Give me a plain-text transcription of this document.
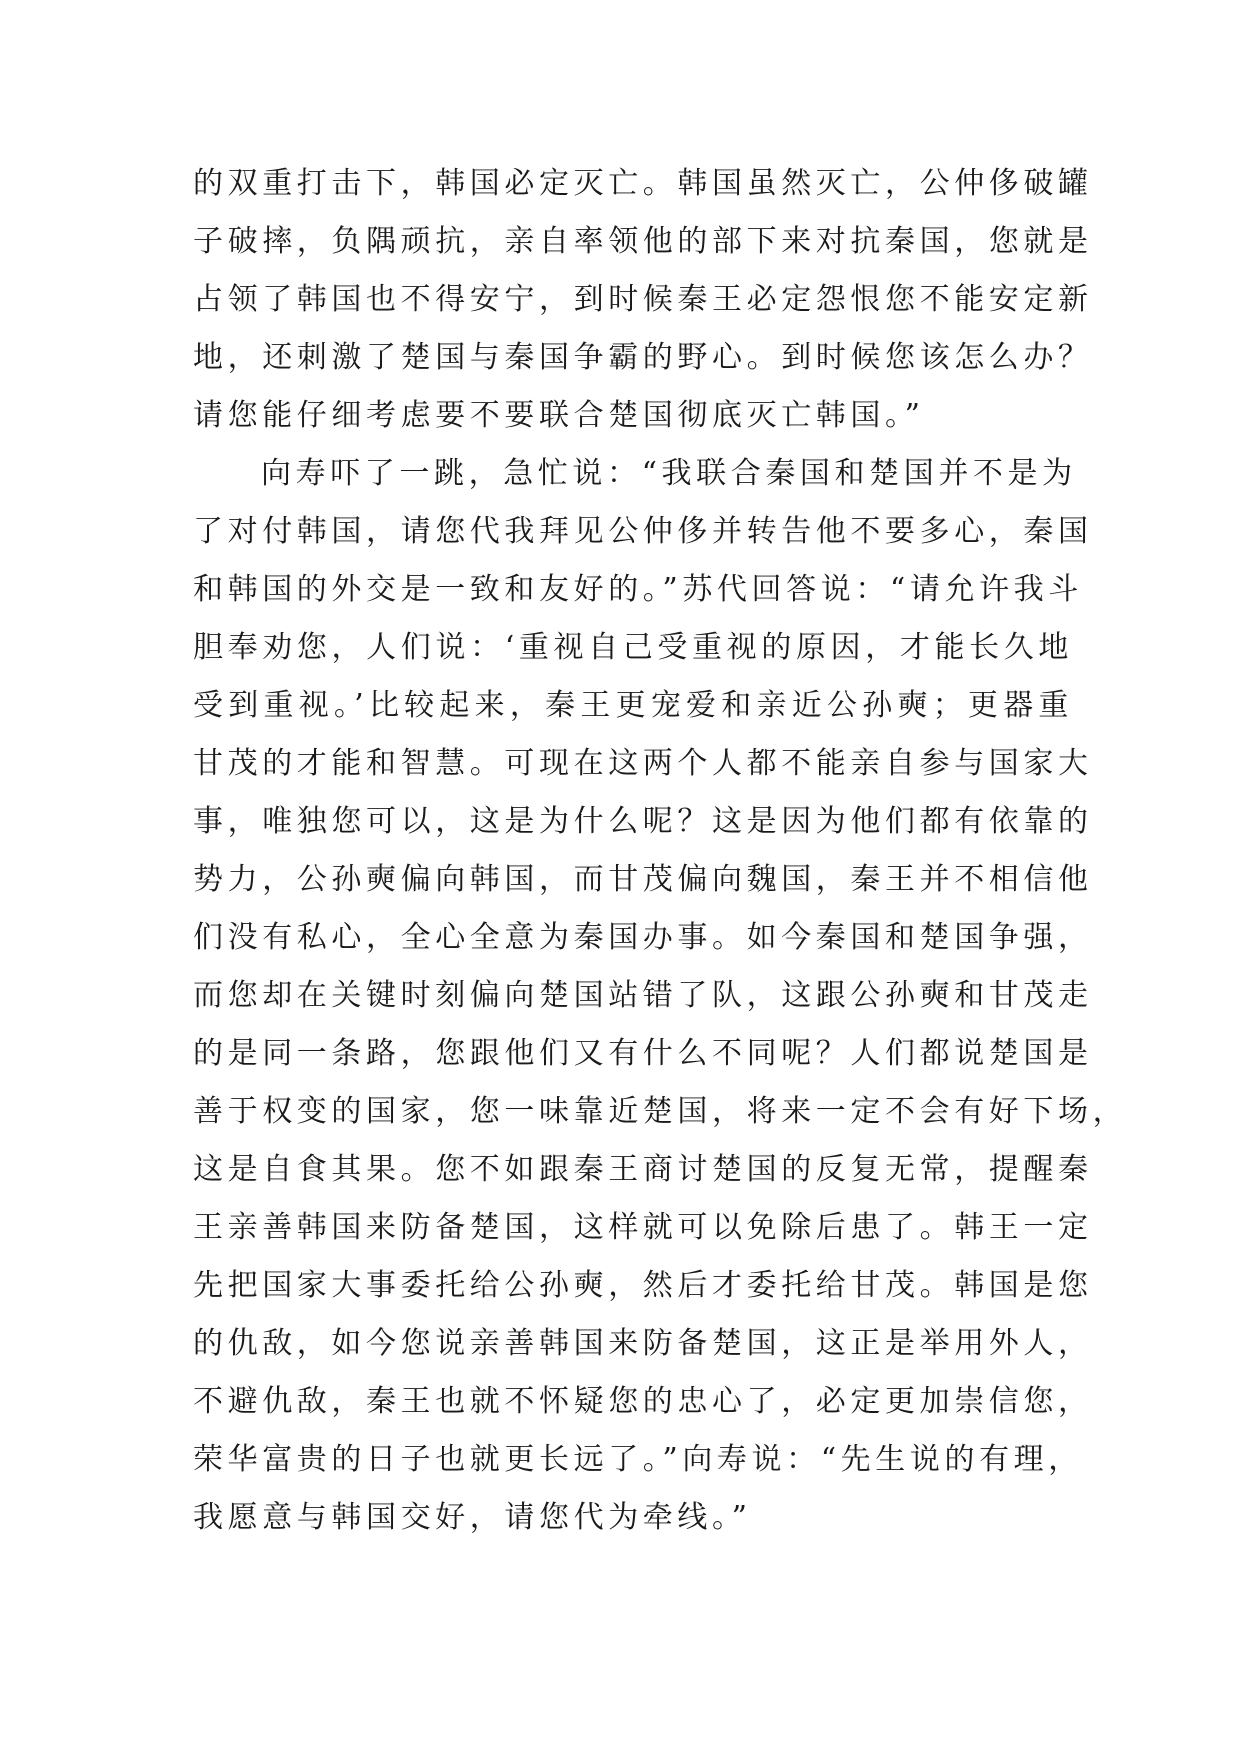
的双重打击下，韩国必定灭亡。韩国虽然灭亡，公仲侈破罐
子破摔，负隅顽抗，亲自率领他的部下来对抗秦国，您就是
占领了韩国也不得安宁，到时候秦王必定怨恨您不能安定新
地，还刺激了楚国与秦国争霸的野心。到时候您该怎么办？
请您能仔细考虑要不要联合楚国彻底灭亡韩国。”
向寿吓了一跳，急忙说：“我联合秦国和楚国并不是为
了对付韩国，请您代我拜见公仲侈并转告他不要多心，秦国
和韩国的外交是一致和友好的。”苏代回答说：“请允许我斗
胆奉劝您，人们说：‘重视自己受重视的原因，才能长久地
受到重视。’比较起来，秦王更宠爱和亲近公孙奭；更器重
甘茂的才能和智慧。可现在这两个人都不能亲自参与国家大
事，唯独您可以，这是为什么呢？这是因为他们都有依靠的
势力，公孙奭偏向韩国，而甘茂偏向魏国，秦王并不相信他
们没有私心，全心全意为秦国办事。如今秦国和楚国争强，
而您却在关键时刻偏向楚国站错了队，这跟公孙奭和甘茂走
的是同一条路，您跟他们又有什么不同呢？人们都说楚国是
善于权变的国家，您一味靠近楚国，将来一定不会有好下场，
这是自食其果。您不如跟秦王商讨楚国的反复无常，提醒秦
王亲善韩国来防备楚国，这样就可以免除后患了。韩王一定
先把国家大事委托给公孙奭，然后才委托给甘茂。韩国是您
的仇敌，如今您说亲善韩国来防备楚国，这正是举用外人，
不避仇敌，秦王也就不怀疑您的忠心了，必定更加崇信您，
荣华富贵的日子也就更长远了。”向寿说：“先生说的有理，
我愿意与韩国交好，请您代为牵线。”
